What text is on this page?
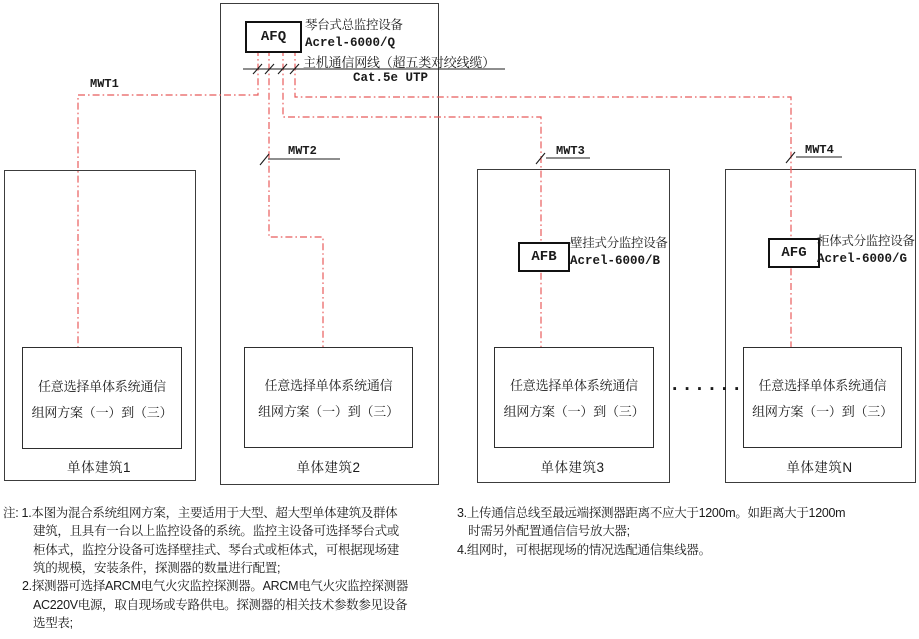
任意选择单体系统通信
组网方案（一）到（三）
任意选择单体系统通信
组网方案（一）到（三）
任意选择单体系统通信
组网方案（一）到（三）
任意选择单体系统通信
组网方案（一）到（三）
单体建筑1	单体建筑2	单体建筑3	单体建筑N
......
AFQ
琴台式总监控设备
Acrel-6000/Q
主机通信网线（超五类对绞线缆）
Cat.5e UTP
AFB
壁挂式分监控设备
Acrel-6000/B	AFG
柜体式分监控设备
Acrel-6000/G
MWT1
MWT2	MWT3	MWT4
注: 1.本图为混合系统组网方案，主要适用于大型、超大型单体建筑及群体
建筑，且具有一台以上监控设备的系统。监控主设备可选择琴台式或
柜体式，监控分设备可选择壁挂式、琴台式或柜体式，可根据现场建
筑的规模，安装条件，探测器的数量进行配置;
2.探测器可选择ARCM电气火灾监控探测器。ARCM电气火灾监控探测器
AC220V电源，取自现场或专路供电。探测器的相关技术参数参见设备
选型表;
3.上传通信总线至最远端探测器距离不应大于1200m。如距离大于1200m
时需另外配置通信信号放大器;
4.组网时，可根据现场的情况选配通信集线器。
